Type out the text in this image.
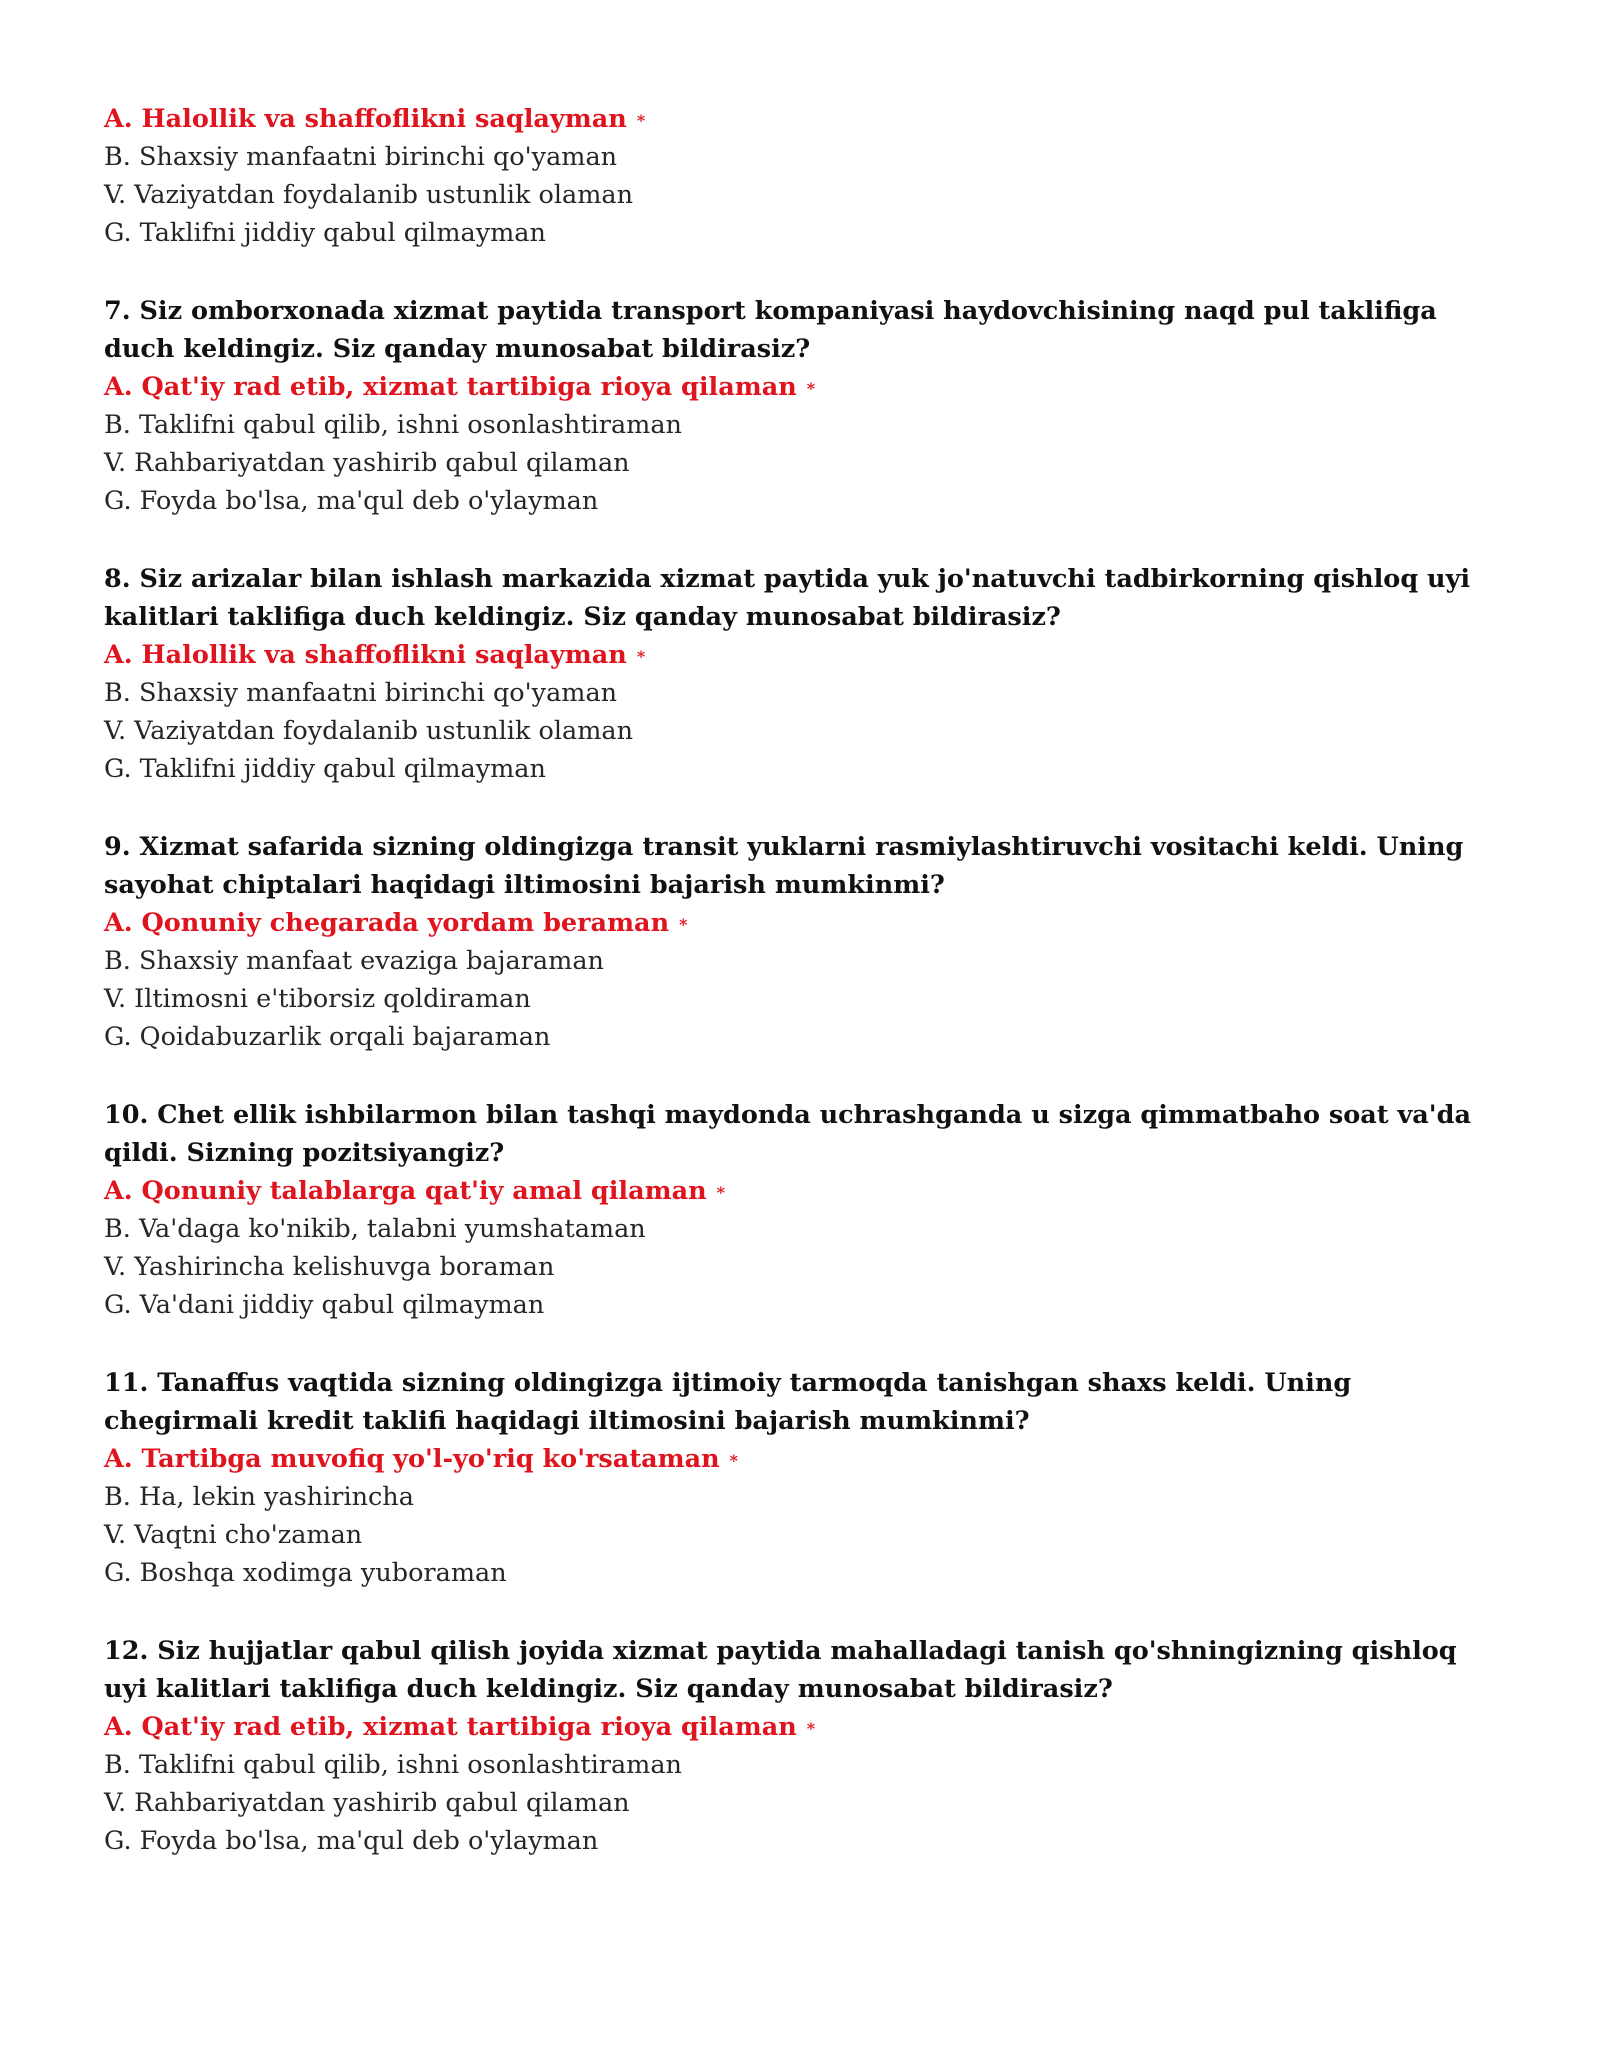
A. Halollik va shaffoflikni saqlayman *

B. Shaxsiy manfaatni birinchi qo'yaman

V. Vaziyatdan foydalanib ustunlik olaman

G. Taklifni jiddiy qabul qilmayman

7. Siz omborxonada xizmat paytida transport kompaniyasi haydovchisining naqd pul taklifiga duch keldingiz. Siz qanday munosabat bildirasiz?

A. Qat'iy rad etib, xizmat tartibiga rioya qilaman *

B. Taklifni qabul qilib, ishni osonlashtiraman

V. Rahbariyatdan yashirib qabul qilaman

G. Foyda bo'lsa, ma'qul deb o'ylayman

8. Siz arizalar bilan ishlash markazida xizmat paytida yuk jo'natuvchi tadbirkorning qishloq uyi kalitlari taklifiga duch keldingiz. Siz qanday munosabat bildirasiz?

A. Halollik va shaffoflikni saqlayman *

B. Shaxsiy manfaatni birinchi qo'yaman

V. Vaziyatdan foydalanib ustunlik olaman

G. Taklifni jiddiy qabul qilmayman

9. Xizmat safarida sizning oldingizga transit yuklarni rasmiylashtiruvchi vositachi keldi. Uning sayohat chiptalari haqidagi iltimosini bajarish mumkinmi?

A. Qonuniy chegarada yordam beraman *

B. Shaxsiy manfaat evaziga bajaraman

V. Iltimosni e'tiborsiz qoldiraman

G. Qoidabuzarlik orqali bajaraman

10. Chet ellik ishbilarmon bilan tashqi maydonda uchrashganda u sizga qimmatbaho soat va'da qildi. Sizning pozitsiyangiz?

A. Qonuniy talablarga qat'iy amal qilaman *

B. Va'daga ko'nikib, talabni yumshataman

V. Yashirincha kelishuvga boraman

G. Va'dani jiddiy qabul qilmayman

11. Tanaffus vaqtida sizning oldingizga ijtimoiy tarmoqda tanishgan shaxs keldi. Uning chegirmali kredit taklifi haqidagi iltimosini bajarish mumkinmi?

A. Tartibga muvofiq yo'l-yo'riq ko'rsataman *

B. Ha, lekin yashirincha

V. Vaqtni cho'zaman

G. Boshqa xodimga yuboraman

12. Siz hujjatlar qabul qilish joyida xizmat paytida mahalladagi tanish qo'shningizning qishloq uyi kalitlari taklifiga duch keldingiz. Siz qanday munosabat bildirasiz?

A. Qat'iy rad etib, xizmat tartibiga rioya qilaman *

B. Taklifni qabul qilib, ishni osonlashtiraman

V. Rahbariyatdan yashirib qabul qilaman

G. Foyda bo'lsa, ma'qul deb o'ylayman
